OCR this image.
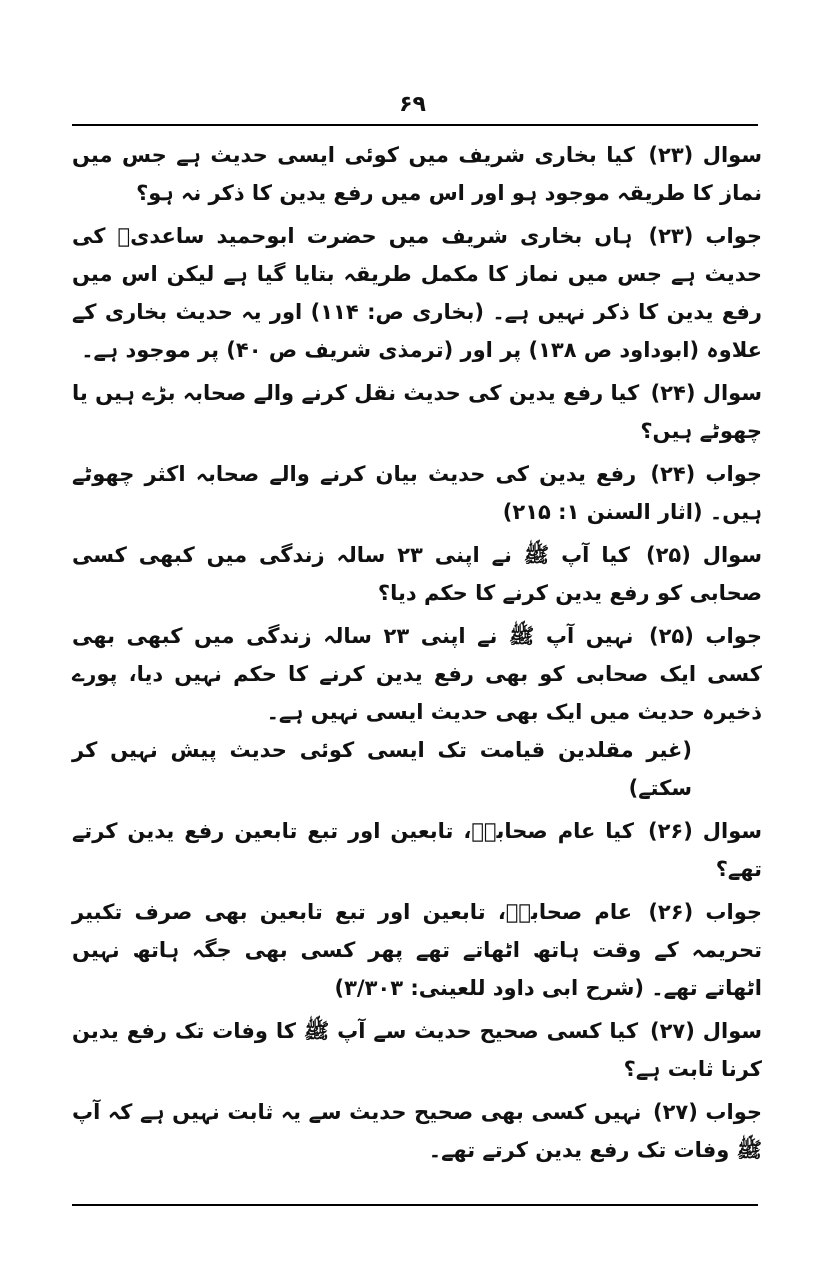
۶۹

سوال (۲۳) کیا بخاری شریف میں کوئی ایسی حدیث ہے جس میں نماز کا طریقہ موجود ہو اور اس میں رفع یدین کا ذکر نہ ہو؟

جواب (۲۳) ہاں بخاری شریف میں حضرت ابوحمید ساعدیؓ کی حدیث ہے جس میں نماز کا مکمل طریقہ بتایا گیا ہے لیکن اس میں رفع یدین کا ذکر نہیں ہے۔ (بخاری ص: ۱۱۴) اور یہ حدیث بخاری کے علاوہ (ابوداود ص ۱۳۸) پر اور (ترمذی شریف ص ۴۰) پر موجود ہے۔

سوال (۲۴) کیا رفع یدین کی حدیث نقل کرنے والے صحابہ بڑے ہیں یا چھوٹے ہیں؟

جواب (۲۴) رفع یدین کی حدیث بیان کرنے والے صحابہ اکثر چھوٹے ہیں۔ (اثار السنن ۱: ۲۱۵)

سوال (۲۵) کیا آپ ﷺ نے اپنی ۲۳ سالہ زندگی میں کبھی کسی صحابی کو رفع یدین کرنے کا حکم دیا؟

جواب (۲۵) نہیں آپ ﷺ نے اپنی ۲۳ سالہ زندگی میں کبھی بھی کسی ایک صحابی کو بھی رفع یدین کرنے کا حکم نہیں دیا، پورے ذخیرہ حدیث میں ایک بھی حدیث ایسی نہیں ہے۔
(غیر مقلدین قیامت تک ایسی کوئی حدیث پیش نہیں کر سکتے)

سوال (۲۶) کیا عام صحابہؓ، تابعین اور تبع تابعین رفع یدین کرتے تھے؟

جواب (۲۶) عام صحابہؓ، تابعین اور تبع تابعین بھی صرف تکبیر تحریمہ کے وقت ہاتھ اٹھاتے تھے پھر کسی بھی جگہ ہاتھ نہیں اٹھاتے تھے۔ (شرح ابی داود للعینی: ۳/۳۰۳)

سوال (۲۷) کیا کسی صحیح حدیث سے آپ ﷺ کا وفات تک رفع یدین کرنا ثابت ہے؟

جواب (۲۷) نہیں کسی بھی صحیح حدیث سے یہ ثابت نہیں ہے کہ آپ ﷺ وفات تک رفع یدین کرتے تھے۔
